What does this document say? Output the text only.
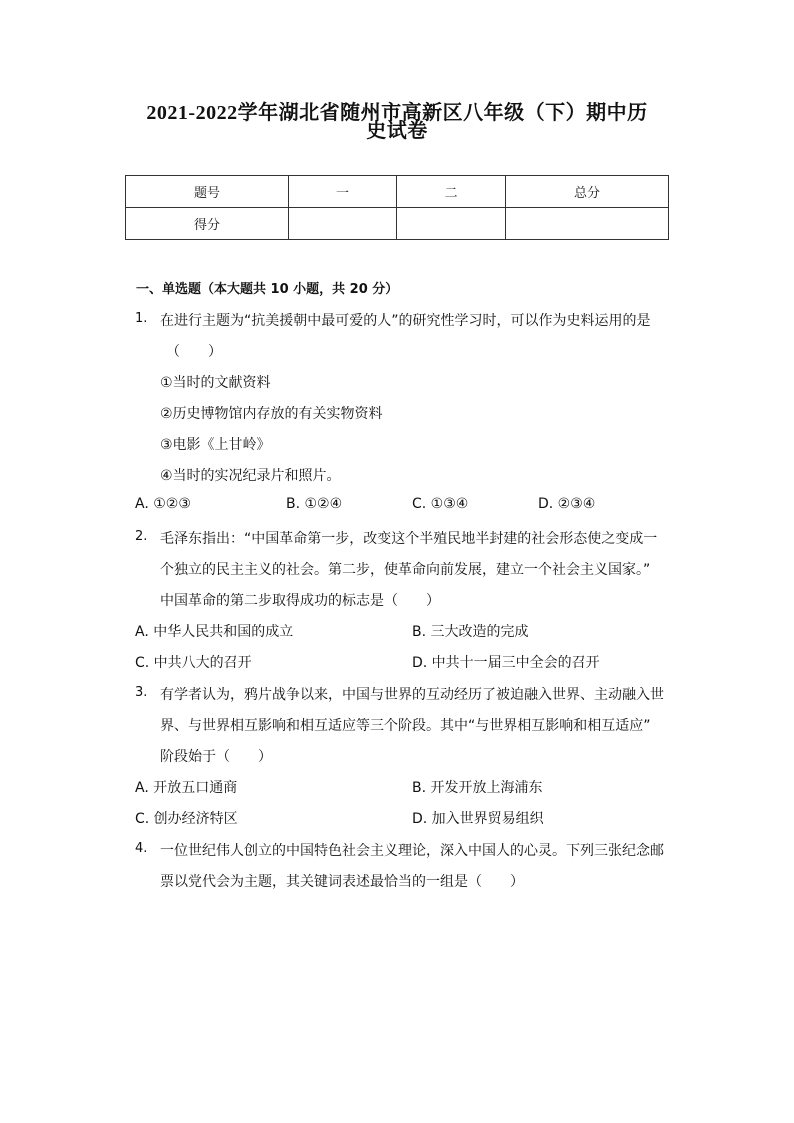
2021-2022学年湖北省随州市高新区八年级（下）期中历
史试卷
题号	一	二	总分
得分			
一、单选题（本大题共 10 小题，共 20 分）
1. 在进行主题为“抗美援朝中最可爱的人”的研究性学习时，可以作为史料运用的是
（　　）
①当时的文献资料
②历史博物馆内存放的有关实物资料
③电影《上甘岭》
④当时的实况纪录片和照片。
A. ①②③	B. ①②④	C. ①③④	D. ②③④
2. 毛泽东指出：“中国革命第一步，改变这个半殖民地半封建的社会形态使之变成一
个独立的民主主义的社会。第二步，使革命向前发展，建立一个社会主义国家。”
中国革命的第二步取得成功的标志是（　　）
A. 中华人民共和国的成立	B. 三大改造的完成
C. 中共八大的召开	D. 中共十一届三中全会的召开
3. 有学者认为，鸦片战争以来，中国与世界的互动经历了被迫融入世界、主动融入世
界、与世界相互影响和相互适应等三个阶段。其中“与世界相互影响和相互适应”
阶段始于（　　）
A. 开放五口通商	B. 开发开放上海浦东
C. 创办经济特区	D. 加入世界贸易组织
4. 一位世纪伟人创立的中国特色社会主义理论，深入中国人的心灵。下列三张纪念邮
票以党代会为主题，其关键词表述最恰当的一组是（　　）
